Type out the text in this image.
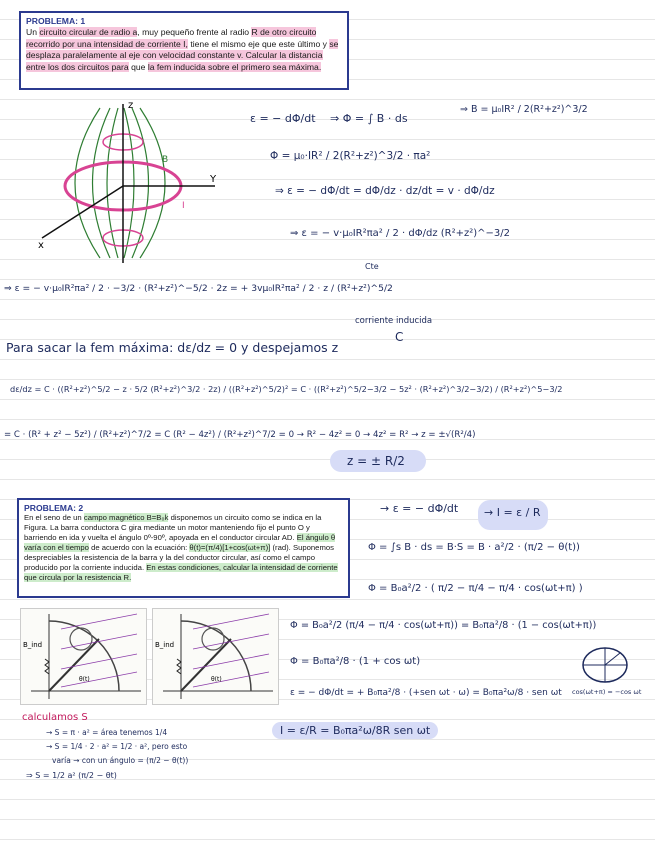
PROBLEMA: 1
Un circuito circular de radio a, muy pequeño frente al radio R de otro circuito recorrido por una intensidad de corriente I, tiene el mismo eje que este último y se desplaza paralelamente al eje con velocidad constante v. Calcular la distancia entre los dos circuitos para que la fem inducida sobre el primero sea máxima.
z
Y
x
B
I
ε = − dΦ/dt ⇒ Φ = ∫ B · ds
⇒ B = μ₀IR² / 2(R²+z²)^3/2
Φ = μ₀·IR² / 2(R²+z²)^3/2 · πa²
⇒ ε = − dΦ/dt = dΦ/dz · dz/dt = v · dΦ/dz
⇒ ε = − v·μ₀IR²πa² / 2 · dΦ/dz (R²+z²)^−3/2
Cte
⇒ ε = − v·μ₀IR²πa² / 2 · −3/2 · (R²+z²)^−5/2 · 2z = + 3vμ₀IR²πa² / 2 · z / (R²+z²)^5/2
corriente inducida
C
Para sacar la fem máxima: dε/dz = 0 y despejamos z
dε/dz = C · ((R²+z²)^5/2 − z · 5/2 (R²+z²)^3/2 · 2z) / ((R²+z²)^5/2)² = C · ((R²+z²)^5/2−3/2 − 5z² · (R²+z²)^3/2−3/2) / (R²+z²)^5−3/2
= C · (R² + z² − 5z²) / (R²+z²)^7/2 = C (R² − 4z²) / (R²+z²)^7/2 = 0 → R² − 4z² = 0 → 4z² = R² → z = ±√(R²/4)
z = ± R/2
PROBLEMA: 2
En el seno de un campo magnético B=B₀k disponemos un circuito como se indica en la Figura. La barra conductora C gira mediante un motor manteniendo fijo el punto O y barriendo en ida y vuelta el ángulo 0º-90º, apoyada en el conductor circular AD. El ángulo θ varía con el tiempo de acuerdo con la ecuación: θ(t)=(π/4)[1+cos(ωt+π)] (rad). Suponemos despreciables la resistencia de la barra y la del conductor circular, así como el campo producido por la corriente inducida. En estas condiciones, calcular la intensidad de corriente que circula por la resistencia R.
B_ind
θ(t)
B_ind
θ(t)
→ ε = − dΦ/dt → I = ε / R
Φ = ∫s B · ds = B·S = B · a²/2 · (π/2 − θ(t))
Φ = B₀a²/2 · ( π/2 − π/4 − π/4 · cos(ωt+π) )
Φ = B₀a²/2 (π/4 − π/4 · cos(ωt+π)) = B₀πa²/8 · (1 − cos(ωt+π))
Φ = B₀πa²/8 · (1 + cos ωt)
ε = − dΦ/dt = + B₀πa²/8 · (+sen ωt · ω) = B₀πa²ω/8 · sen ωt cos(ωt+π) = −cos ωt
calculamos S
→ S = π · a² = área tenemos 1/4
→ S = 1/4 · 2 · a² = 1/2 · a², pero esto
varía → con un ángulo = (π/2 − θ(t))
⇒ S = 1/2 a² (π/2 − θt)
I = ε/R = B₀πa²ω/8R sen ωt
